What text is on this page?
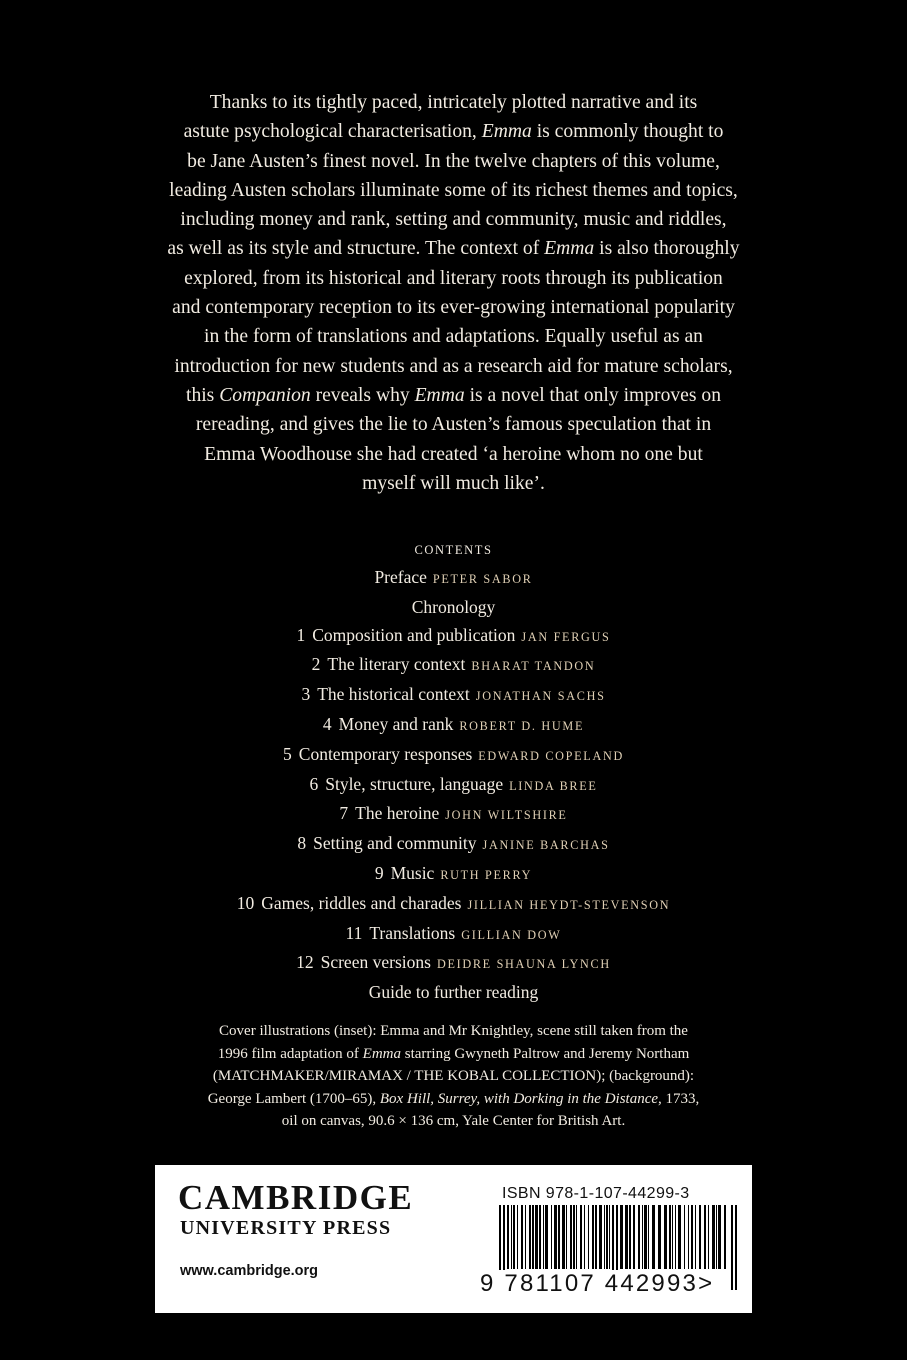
Thanks to its tightly paced, intricately plotted narrative and its
astute psychological characterisation, Emma is commonly thought to
be Jane Austen’s finest novel. In the twelve chapters of this volume,
leading Austen scholars illuminate some of its richest themes and topics,
including money and rank, setting and community, music and riddles,
as well as its style and structure. The context of Emma is also thoroughly
explored, from its historical and literary roots through its publication
and contemporary reception to its ever-growing international popularity
in the form of translations and adaptations. Equally useful as an
introduction for new students and as a research aid for mature scholars,
this Companion reveals why Emma is a novel that only improves on
rereading, and gives the lie to Austen’s famous speculation that in
Emma Woodhouse she had created ‘a heroine whom no one but
myself will much like’.
CONTENTS
Preface PETER SABOR
Chronology
1 Composition and publication JAN FERGUS
2 The literary context BHARAT TANDON
3 The historical context JONATHAN SACHS
4 Money and rank ROBERT D. HUME
5 Contemporary responses EDWARD COPELAND
6 Style, structure, language LINDA BREE
7 The heroine JOHN WILTSHIRE
8 Setting and community JANINE BARCHAS
9 Music RUTH PERRY
10 Games, riddles and charades JILLIAN HEYDT-STEVENSON
11 Translations GILLIAN DOW
12 Screen versions DEIDRE SHAUNA LYNCH
Guide to further reading
Cover illustrations (inset): Emma and Mr Knightley, scene still taken from the
1996 film adaptation of Emma starring Gwyneth Paltrow and Jeremy Northam
(MATCHMAKER/MIRAMAX / THE KOBAL COLLECTION); (background):
George Lambert (1700–65), Box Hill, Surrey, with Dorking in the Distance, 1733,
oil on canvas, 90.6 × 136 cm, Yale Center for British Art.
CAMBRIDGE
UNIVERSITY PRESS
www.cambridge.org
ISBN 978-1-107-44299-3
9 781107 442993>
